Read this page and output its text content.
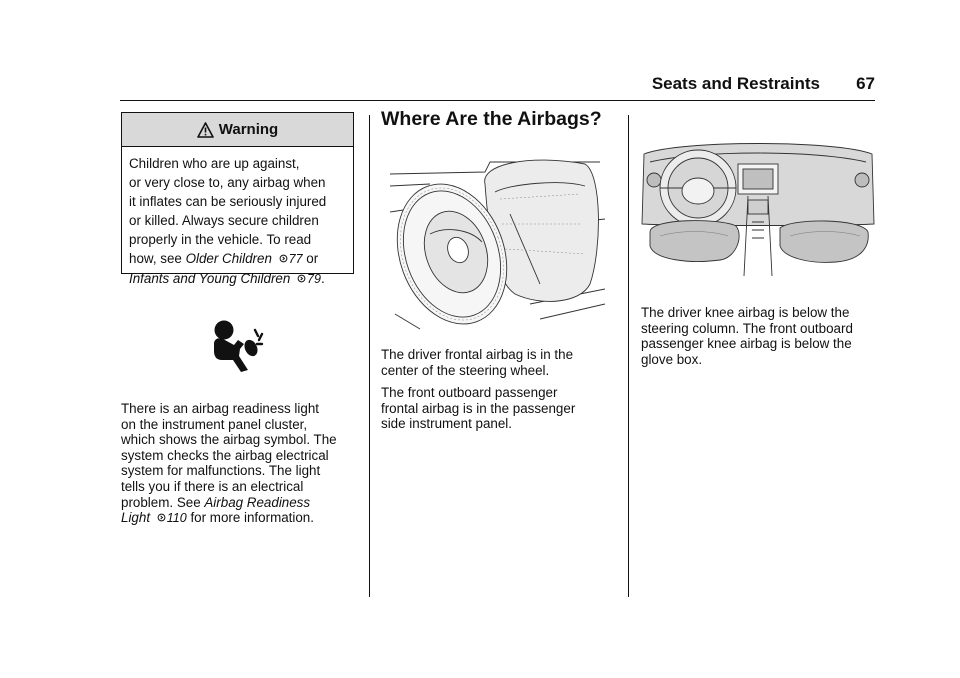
Seats and Restraints 67
Warning
Children who are up against,
or very close to, any airbag when
it inflates can be seriously injured
or killed. Always secure children
properly in the vehicle. To read
how, see Older Children 77 or
Infants and Young Children 79.
There is an airbag readiness light
on the instrument panel cluster,
which shows the airbag symbol. The
system checks the airbag electrical
system for malfunctions. The light
tells you if there is an electrical
problem. See Airbag Readiness
Light 110 for more information.
Where Are the Airbags?
The driver frontal airbag is in the
center of the steering wheel.
The front outboard passenger
frontal airbag is in the passenger
side instrument panel.
The driver knee airbag is below the
steering column. The front outboard
passenger knee airbag is below the
glove box.
